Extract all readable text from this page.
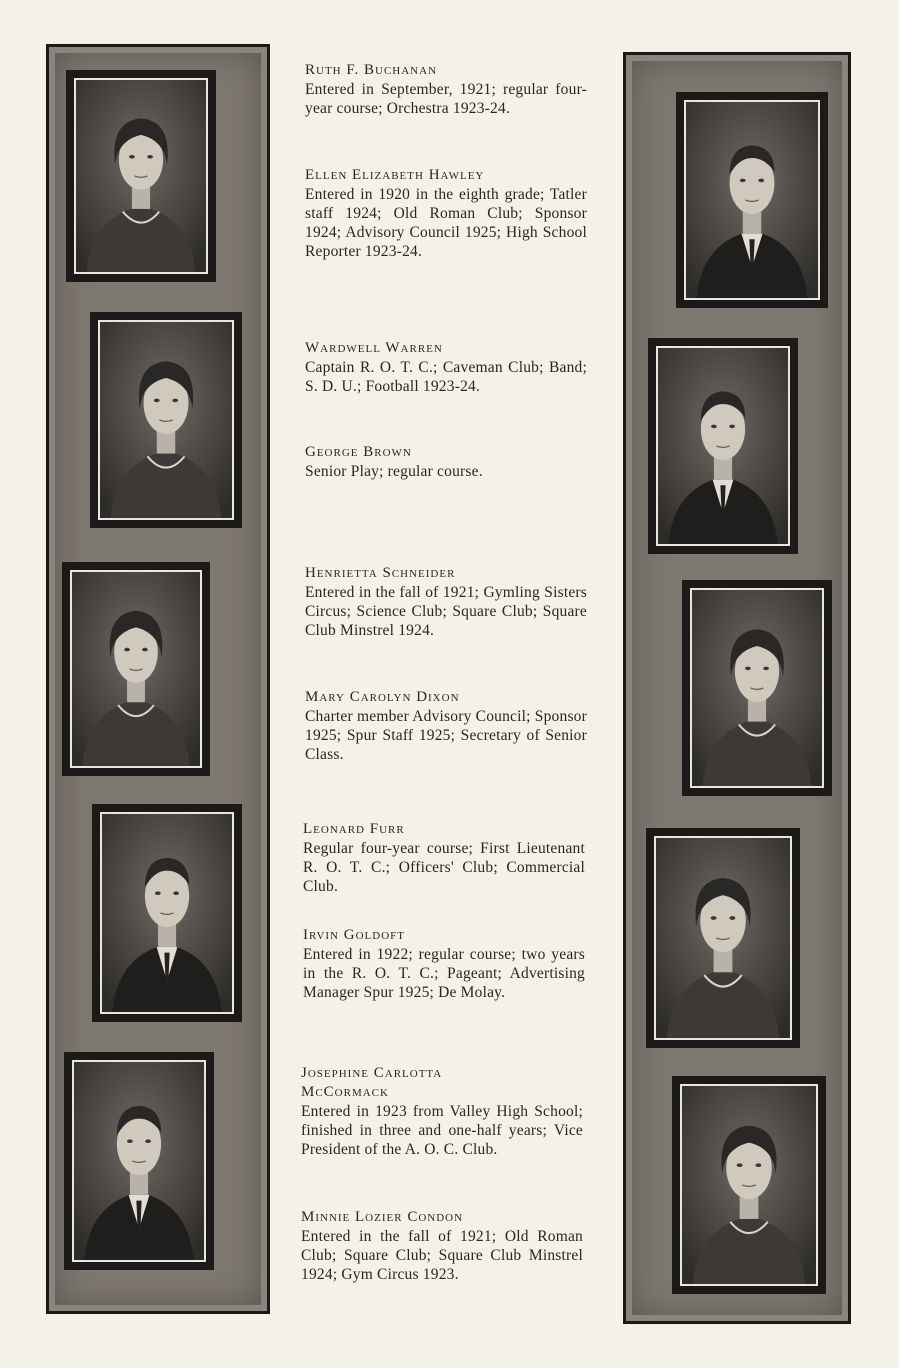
Ruth F. Buchanan
Entered in September, 1921; regular four-year course; Orchestra 1923-24.
Ellen Elizabeth Hawley
Entered in 1920 in the eighth grade; Tatler staff 1924; Old Roman Club; Sponsor 1924; Advisory Council 1925; High School Reporter 1923-24.
Wardwell Warren
Captain R. O. T. C.; Caveman Club; Band; S. D. U.; Football 1923-24.
George Brown
Senior Play; regular course.
Henrietta Schneider
Entered in the fall of 1921; Gymling Sisters Circus; Science Club; Square Club; Square Club Minstrel 1924.
Mary Carolyn Dixon
Charter member Advisory Council; Sponsor 1925; Spur Staff 1925; Secretary of Senior Class.
Leonard Furr
Regular four-year course; First Lieutenant R. O. T. C.; Officers' Club; Commercial Club.
Irvin Goldoft
Entered in 1922; regular course; two years in the R. O. T. C.; Pageant; Advertising Manager Spur 1925; De Molay.
Josephine Carlotta McCormack
Entered in 1923 from Valley High School; finished in three and one-half years; Vice President of the A. O. C. Club.
Minnie Lozier Condon
Entered in the fall of 1921; Old Roman Club; Square Club; Square Club Minstrel 1924; Gym Circus 1923.
